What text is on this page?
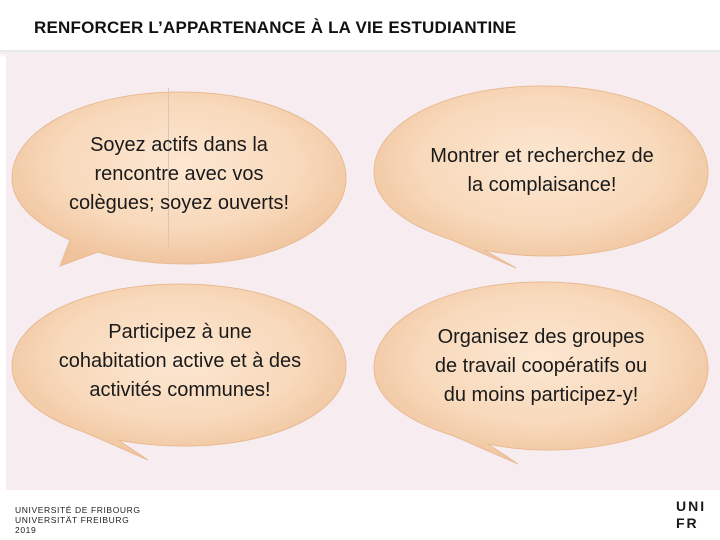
RENFORCER L’APPARTENANCE À LA VIE ESTUDIANTINE
Soyez actifs dans la rencontre avec vos colègues; soyez ouverts!
Montrer et recherchez de la complaisance!
Participez à une cohabitation active et à des activités communes!
Organisez des groupes de travail coopératifs ou du moins participez-y!
UNIVERSITÉ DE FRIBOURG
UNIVERSITÄT FREIBURG
2019
UNI
FR
